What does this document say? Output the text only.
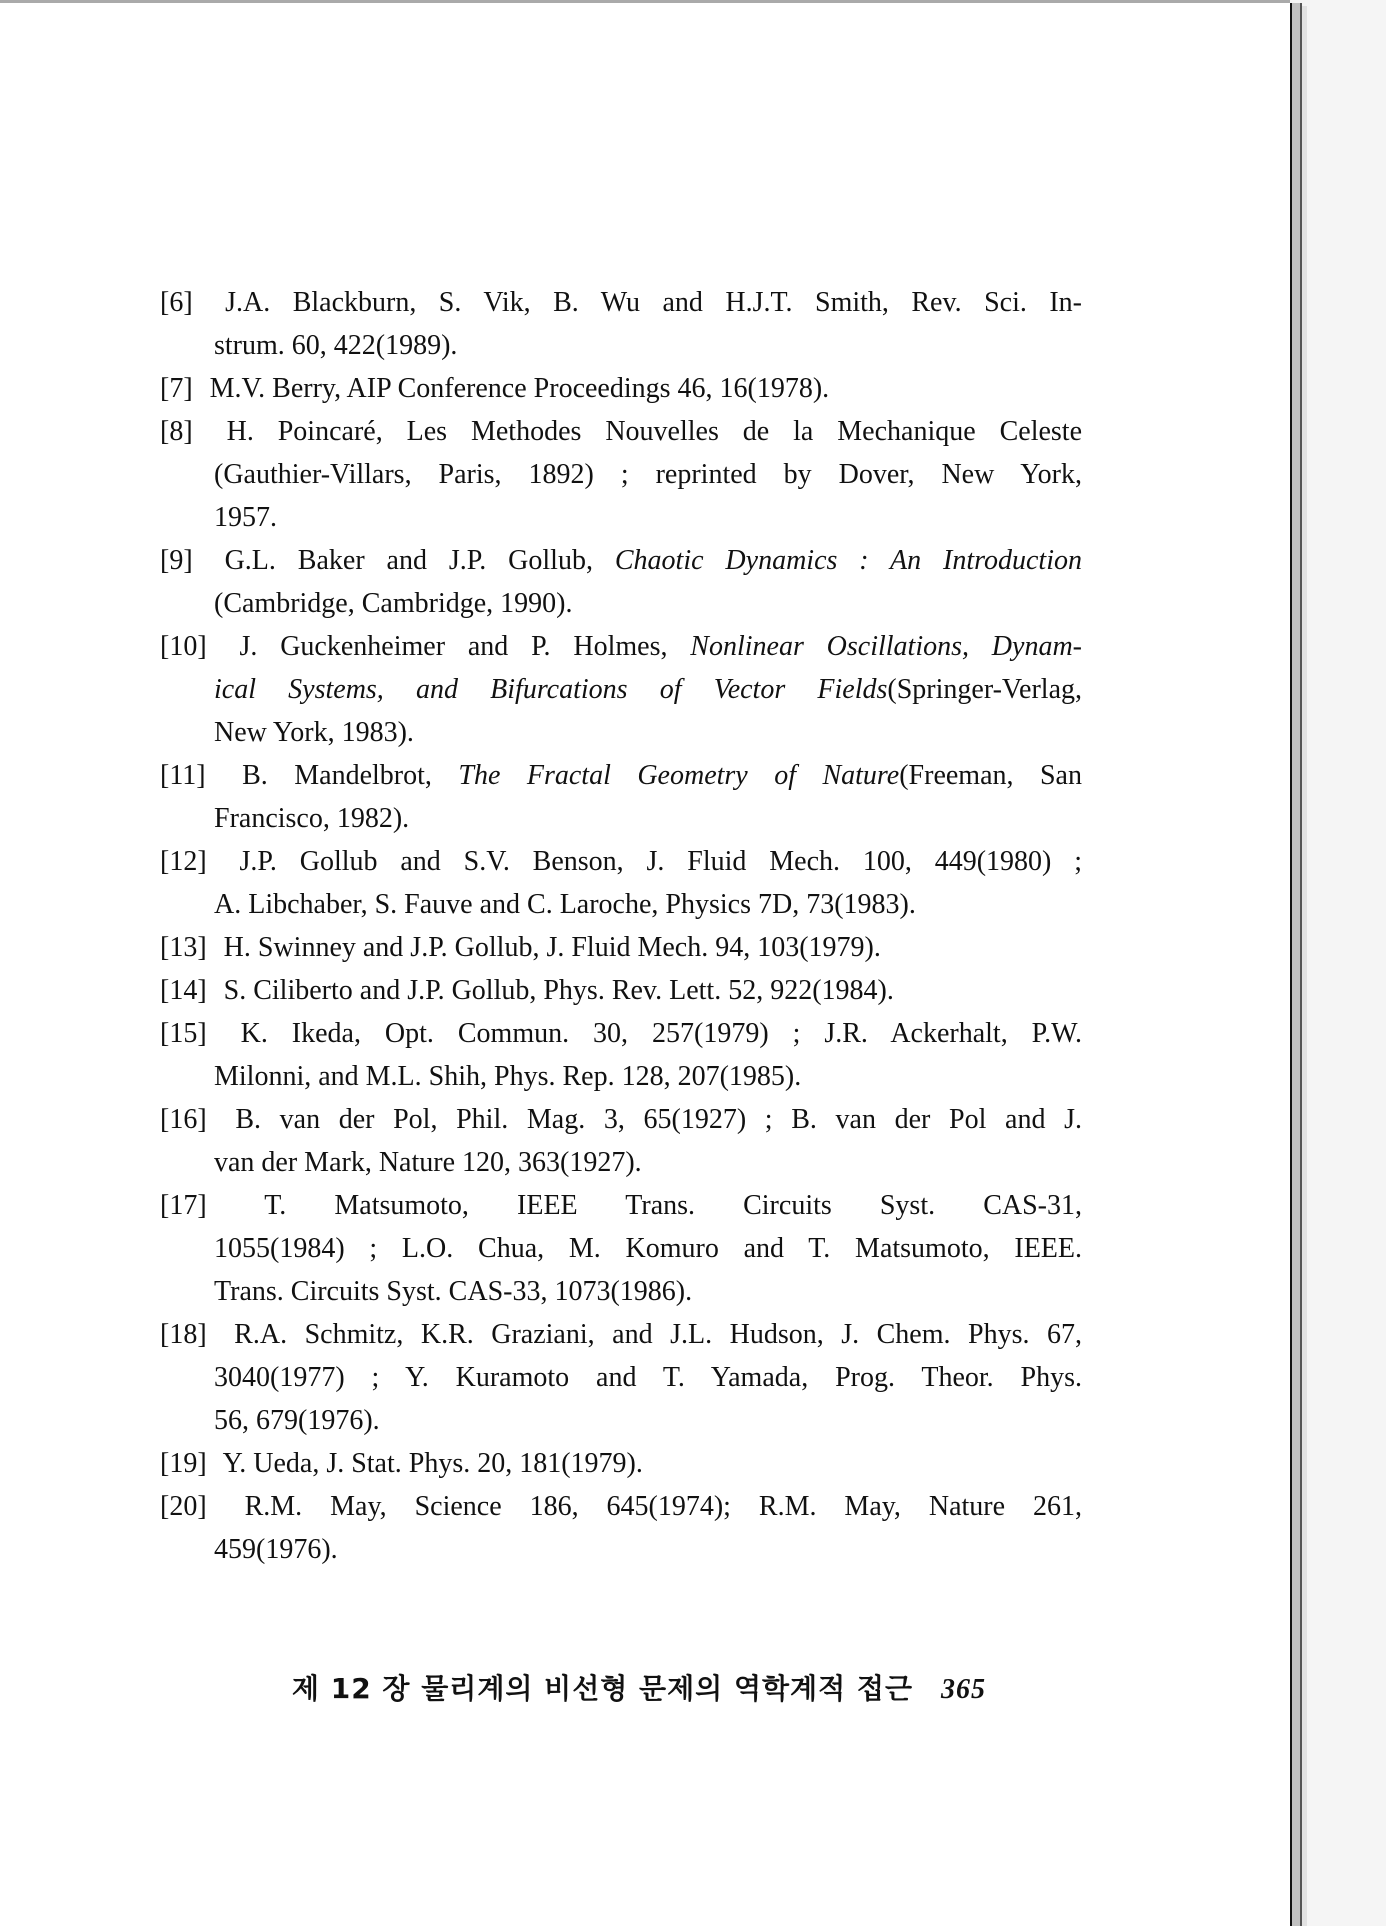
[6] J.A. Blackburn, S. Vik, B. Wu and H.J.T. Smith, Rev. Sci. In-
strum. 60, 422(1989).
[7] M.V. Berry, AIP Conference Proceedings 46, 16(1978).
[8] H. Poincaré, Les Methodes Nouvelles de la Mechanique Celeste
(Gauthier-Villars, Paris, 1892) ; reprinted by Dover, New York,
1957.
[9] G.L. Baker and J.P. Gollub, Chaotic Dynamics : An Introduction
(Cambridge, Cambridge, 1990).
[10] J. Guckenheimer and P. Holmes, Nonlinear Oscillations, Dynam-
ical Systems, and Bifurcations of Vector Fields(Springer-Verlag,
New York, 1983).
[11] B. Mandelbrot, The Fractal Geometry of Nature(Freeman, San
Francisco, 1982).
[12] J.P. Gollub and S.V. Benson, J. Fluid Mech. 100, 449(1980) ;
A. Libchaber, S. Fauve and C. Laroche, Physics 7D, 73(1983).
[13] H. Swinney and J.P. Gollub, J. Fluid Mech. 94, 103(1979).
[14] S. Ciliberto and J.P. Gollub, Phys. Rev. Lett. 52, 922(1984).
[15] K. Ikeda, Opt. Commun. 30, 257(1979) ; J.R. Ackerhalt, P.W.
Milonni, and M.L. Shih, Phys. Rep. 128, 207(1985).
[16] B. van der Pol, Phil. Mag. 3, 65(1927) ; B. van der Pol and J.
van der Mark, Nature 120, 363(1927).
[17] T. Matsumoto, IEEE Trans. Circuits Syst. CAS-31,
1055(1984) ; L.O. Chua, M. Komuro and T. Matsumoto, IEEE.
Trans. Circuits Syst. CAS-33, 1073(1986).
[18] R.A. Schmitz, K.R. Graziani, and J.L. Hudson, J. Chem. Phys. 67,
3040(1977) ; Y. Kuramoto and T. Yamada, Prog. Theor. Phys.
56, 679(1976).
[19] Y. Ueda, J. Stat. Phys. 20, 181(1979).
[20] R.M. May, Science 186, 645(1974); R.M. May, Nature 261,
459(1976).
제 12 장 물리계의 비선형 문제의 역학계적 접근 365
